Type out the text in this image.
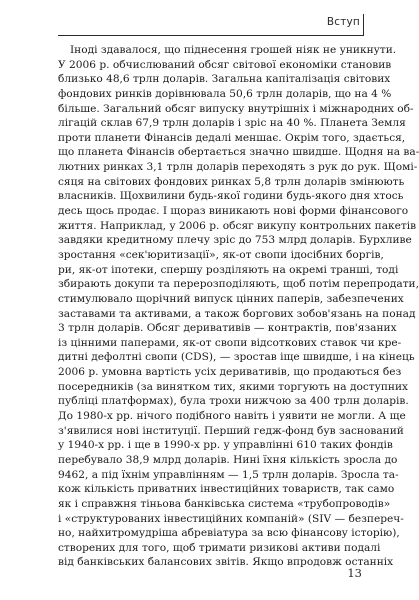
Вступ
Іноді здавалося, що піднесення грошей ніяк не уникнути.
У 2006 р. обчислюваний обсяг світової економіки становив
близько 48,6 трлн доларів. Загальна капіталізація світових
фондових ринків дорівнювала 50,6 трлн доларів, що на 4 %
більше. Загальний обсяг випуску внутрішніх і міжнародних об-
лігацій склав 67,9 трлн доларів і зріс на 40 %. Планета Земля
проти планети Фінансів дедалі меншає. Окрім того, здається,
що планета Фінансів обертається значно швидше. Щодня на ва-
лютних ринках 3,1 трлн доларів переходять з рук до рук. Щомі-
сяця на світових фондових ринках 5,8 трлн доларів змінюють
власників. Щохвилини будь-якої години будь-якого дня хтось
десь щось продає. І щораз виникають нові форми фінансового
життя. Наприклад, у 2006 р. обсяг викупу контрольних пакетів
завдяки кредитному плечу зріс до 753 млрд доларів. Бурхливе
зростання «сек'юритизації», як-от свопи ідосібних боргів,
ри, як-от іпотеки, спершу розділяють на окремі транші, тоді
збирають докупи та перерозподіляють, щоб потім перепродати,
стимулювало щорічний випуск цінних паперів, забезпечених
заставами та активами, а також боргових зобов'язань на понад
3 трлн доларів. Обсяг деривативів — контрактів, пов'язаних
із цінними паперами, як-от свопи відсоткових ставок чи кре-
дитні дефолтні свопи (CDS), — зростав іще швидше, і на кінець
2006 р. умовна вартість усіх деривативів, що продаються без
посередників (за винятком тих, якими торгують на доступних
публіці платформах), була трохи нижчою за 400 трлн доларів.
До 1980-х рр. нічого подібного навіть і уявити не могли. А ще
з'явилися нові інституції. Перший гедж-фонд був заснований
у 1940-х рр. і ще в 1990-х рр. у управлінні 610 таких фондів
перебувало 38,9 млрд доларів. Нині їхня кількість зросла до
9462, а під їхнім управлінням — 1,5 трлн доларів. Зросла та-
кож кількість приватних інвестиційних товариств, так само
як і справжня тіньова банківська система «трубопроводів»
і «структурованих інвестиційних компаній» (SIV — безпереч-
но, найхитромудріша абревіатура за всю фінансову історію),
створених для того, щоб тримати ризикові активи подалі
від банківських балансових звітів. Якщо впродовж останніх
13
